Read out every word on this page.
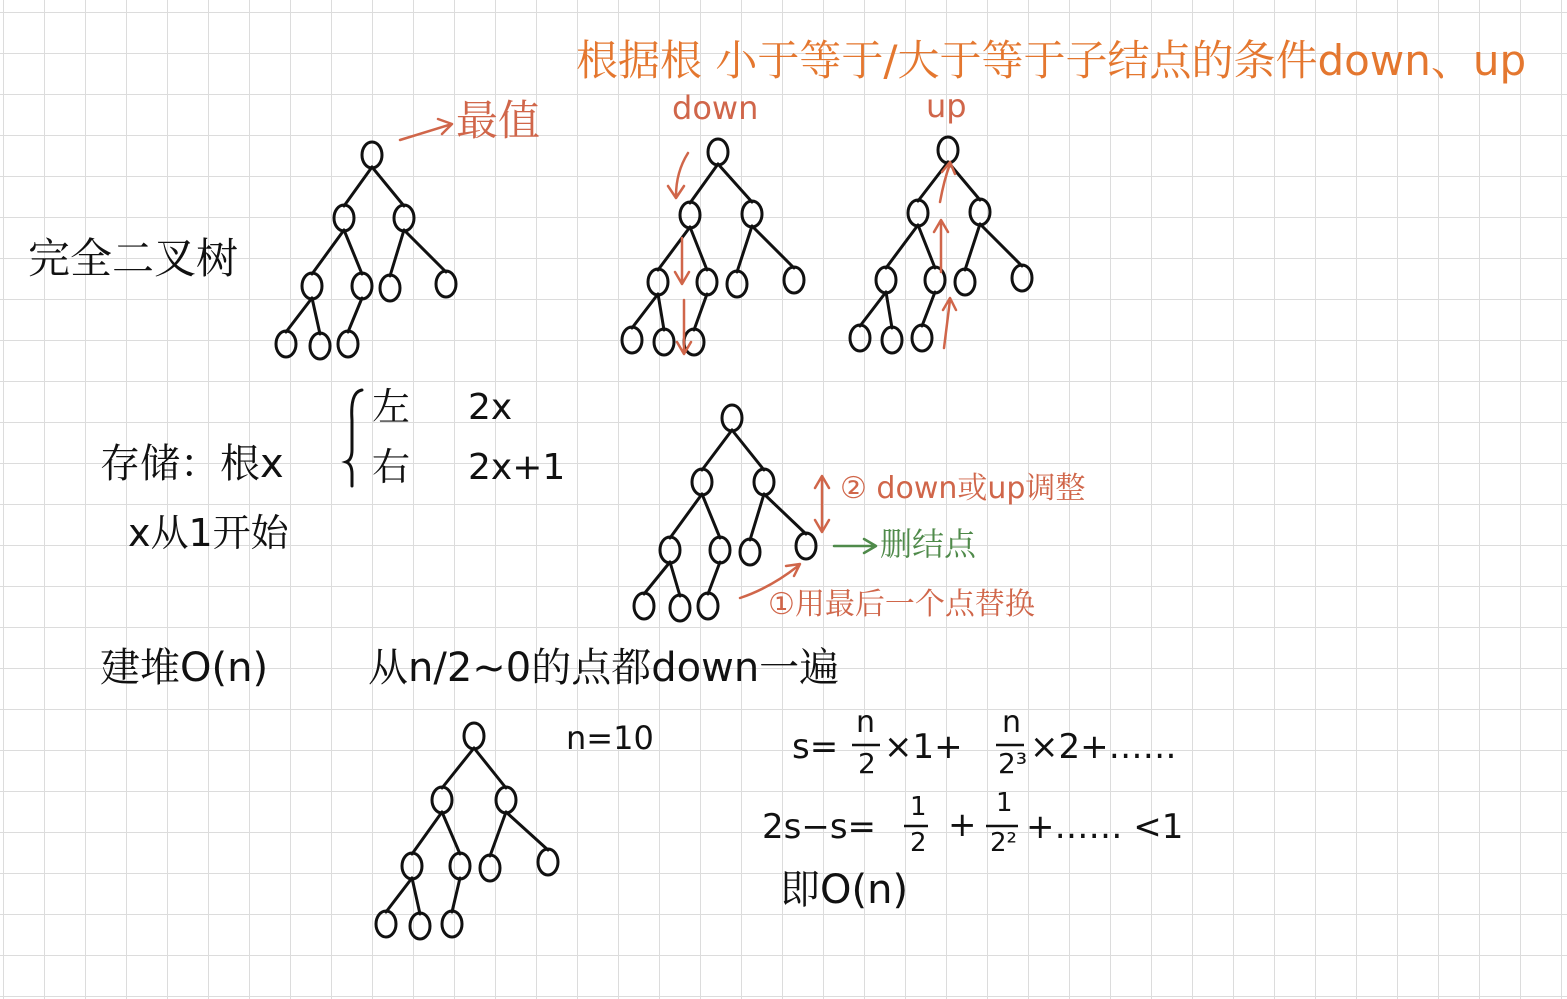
根据根 小于等于/大于等于子结点的条件down、up
最值
完全二叉树
down	up
存储：根x
左 2x
右 2x+1
x从1开始
② down或up调整
删结点
①用最后一个点替换
建堆O(n) 从n/2~0的点都down一遍
n=10	s=
n
2 ×1+
n
2³ ×2+……
2s−s= 1
2 +
1
2² +…… <1
即O(n)
